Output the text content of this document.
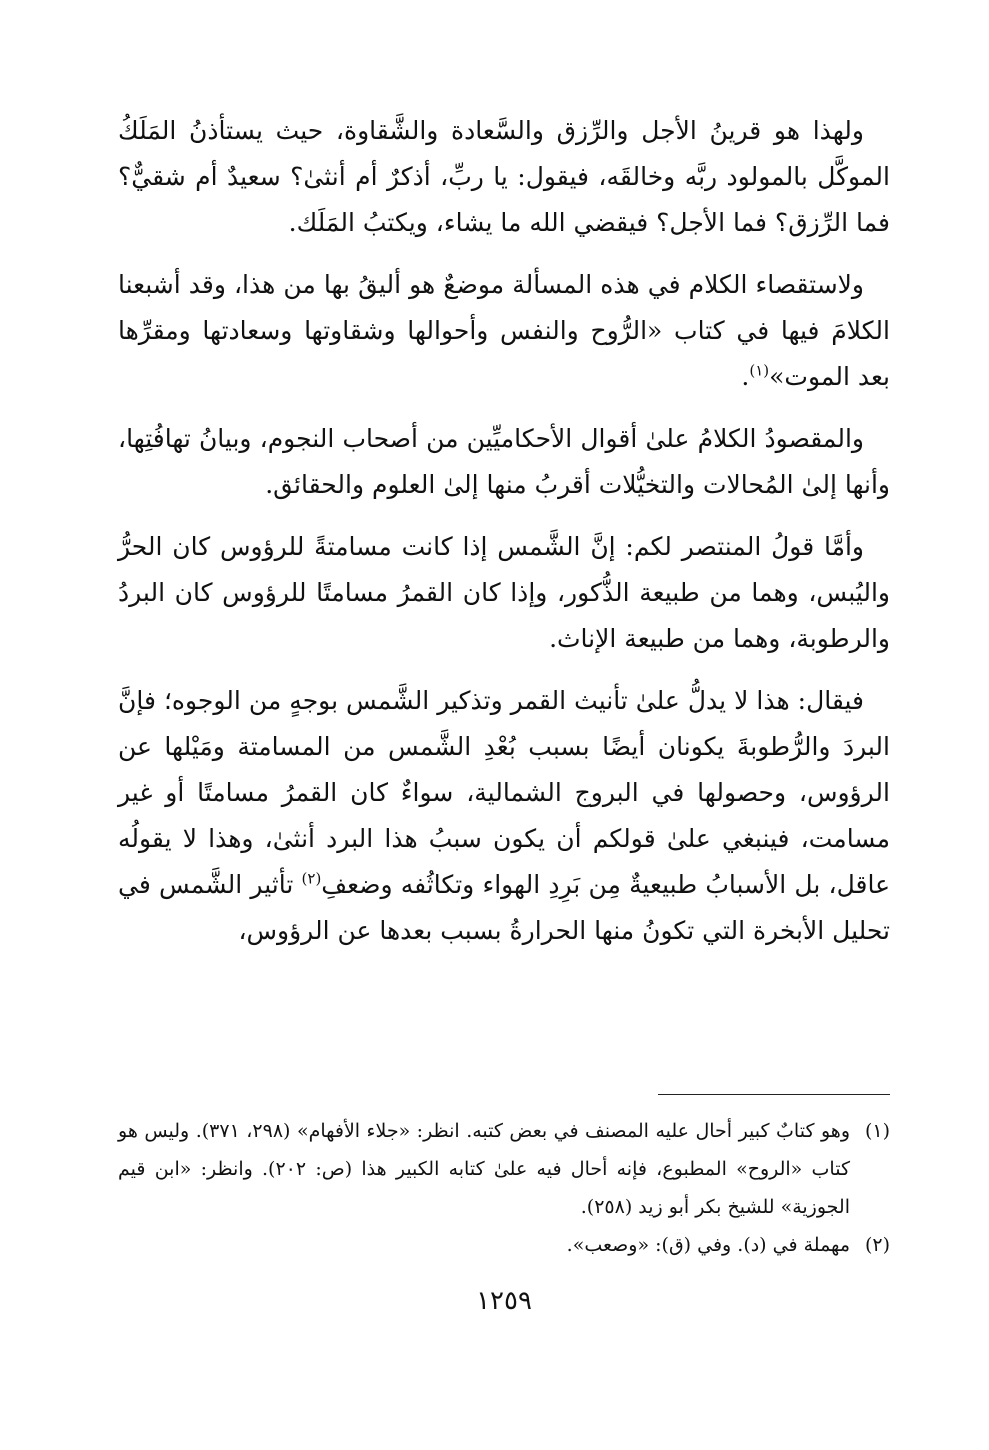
ولهذا هو قرينُ الأجل والرِّزق والسَّعادة والشَّقاوة، حيث يستأذنُ المَلَكُ الموكَّل بالمولود ربَّه وخالقَه، فيقول: يا ربِّ، أذكرٌ أم أنثىٰ؟ سعيدٌ أم شقيٌّ؟ فما الرِّزق؟ فما الأجل؟ فيقضي الله ما يشاء، ويكتبُ المَلَك.

ولاستقصاء الكلام في هذه المسألة موضعٌ هو أليقُ بها من هذا، وقد أشبعنا الكلامَ فيها في كتاب «الرُّوح والنفس وأحوالها وشقاوتها وسعادتها ومقرِّها بعد الموت»$^{(١)}$.

والمقصودُ الكلامُ علىٰ أقوال الأحكاميِّين من أصحاب النجوم، وبيانُ تهافُتِها، وأنها إلىٰ المُحالات والتخيُّلات أقربُ منها إلىٰ العلوم والحقائق.

وأمَّا قولُ المنتصر لكم: إنَّ الشَّمس إذا كانت مسامتةً للرؤوس كان الحرُّ واليُبس، وهما من طبيعة الذُّكور، وإذا كان القمرُ مسامتًا للرؤوس كان البردُ والرطوبة، وهما من طبيعة الإناث.

فيقال: هذا لا يدلُّ علىٰ تأنيث القمر وتذكير الشَّمس بوجهٍ من الوجوه؛ فإنَّ البردَ والرُّطوبةَ يكونان أيضًا بسبب بُعْدِ الشَّمس من المسامتة ومَيْلها عن الرؤوس، وحصولها في البروج الشمالية، سواءٌ كان القمرُ مسامتًا أو غير مسامت، فينبغي علىٰ قولكم أن يكون سببُ هذا البرد أنثىٰ، وهذا لا يقولُه عاقل، بل الأسبابُ طبيعيةٌ مِن بَرِدِ الهواء وتكاثُفه وضعفِ$^{(٢)}$ تأثير الشَّمس في تحليل الأبخرة التي تكونُ منها الحرارةُ بسبب بعدها عن الرؤوس،

(١)وهو كتابٌ كبير أحال عليه المصنف في بعض كتبه. انظر: «جلاء الأفهام» (٢٩٨، ٣٧١). وليس هو كتاب «الروح» المطبوع، فإنه أحال فيه علىٰ كتابه الكبير هذا (ص: ٢٠٢). وانظر: «ابن قيم الجوزية» للشيخ بكر أبو زيد (٢٥٨).

(٢)مهملة في (د). وفي (ق): «وصعب».

١٢٥٩
